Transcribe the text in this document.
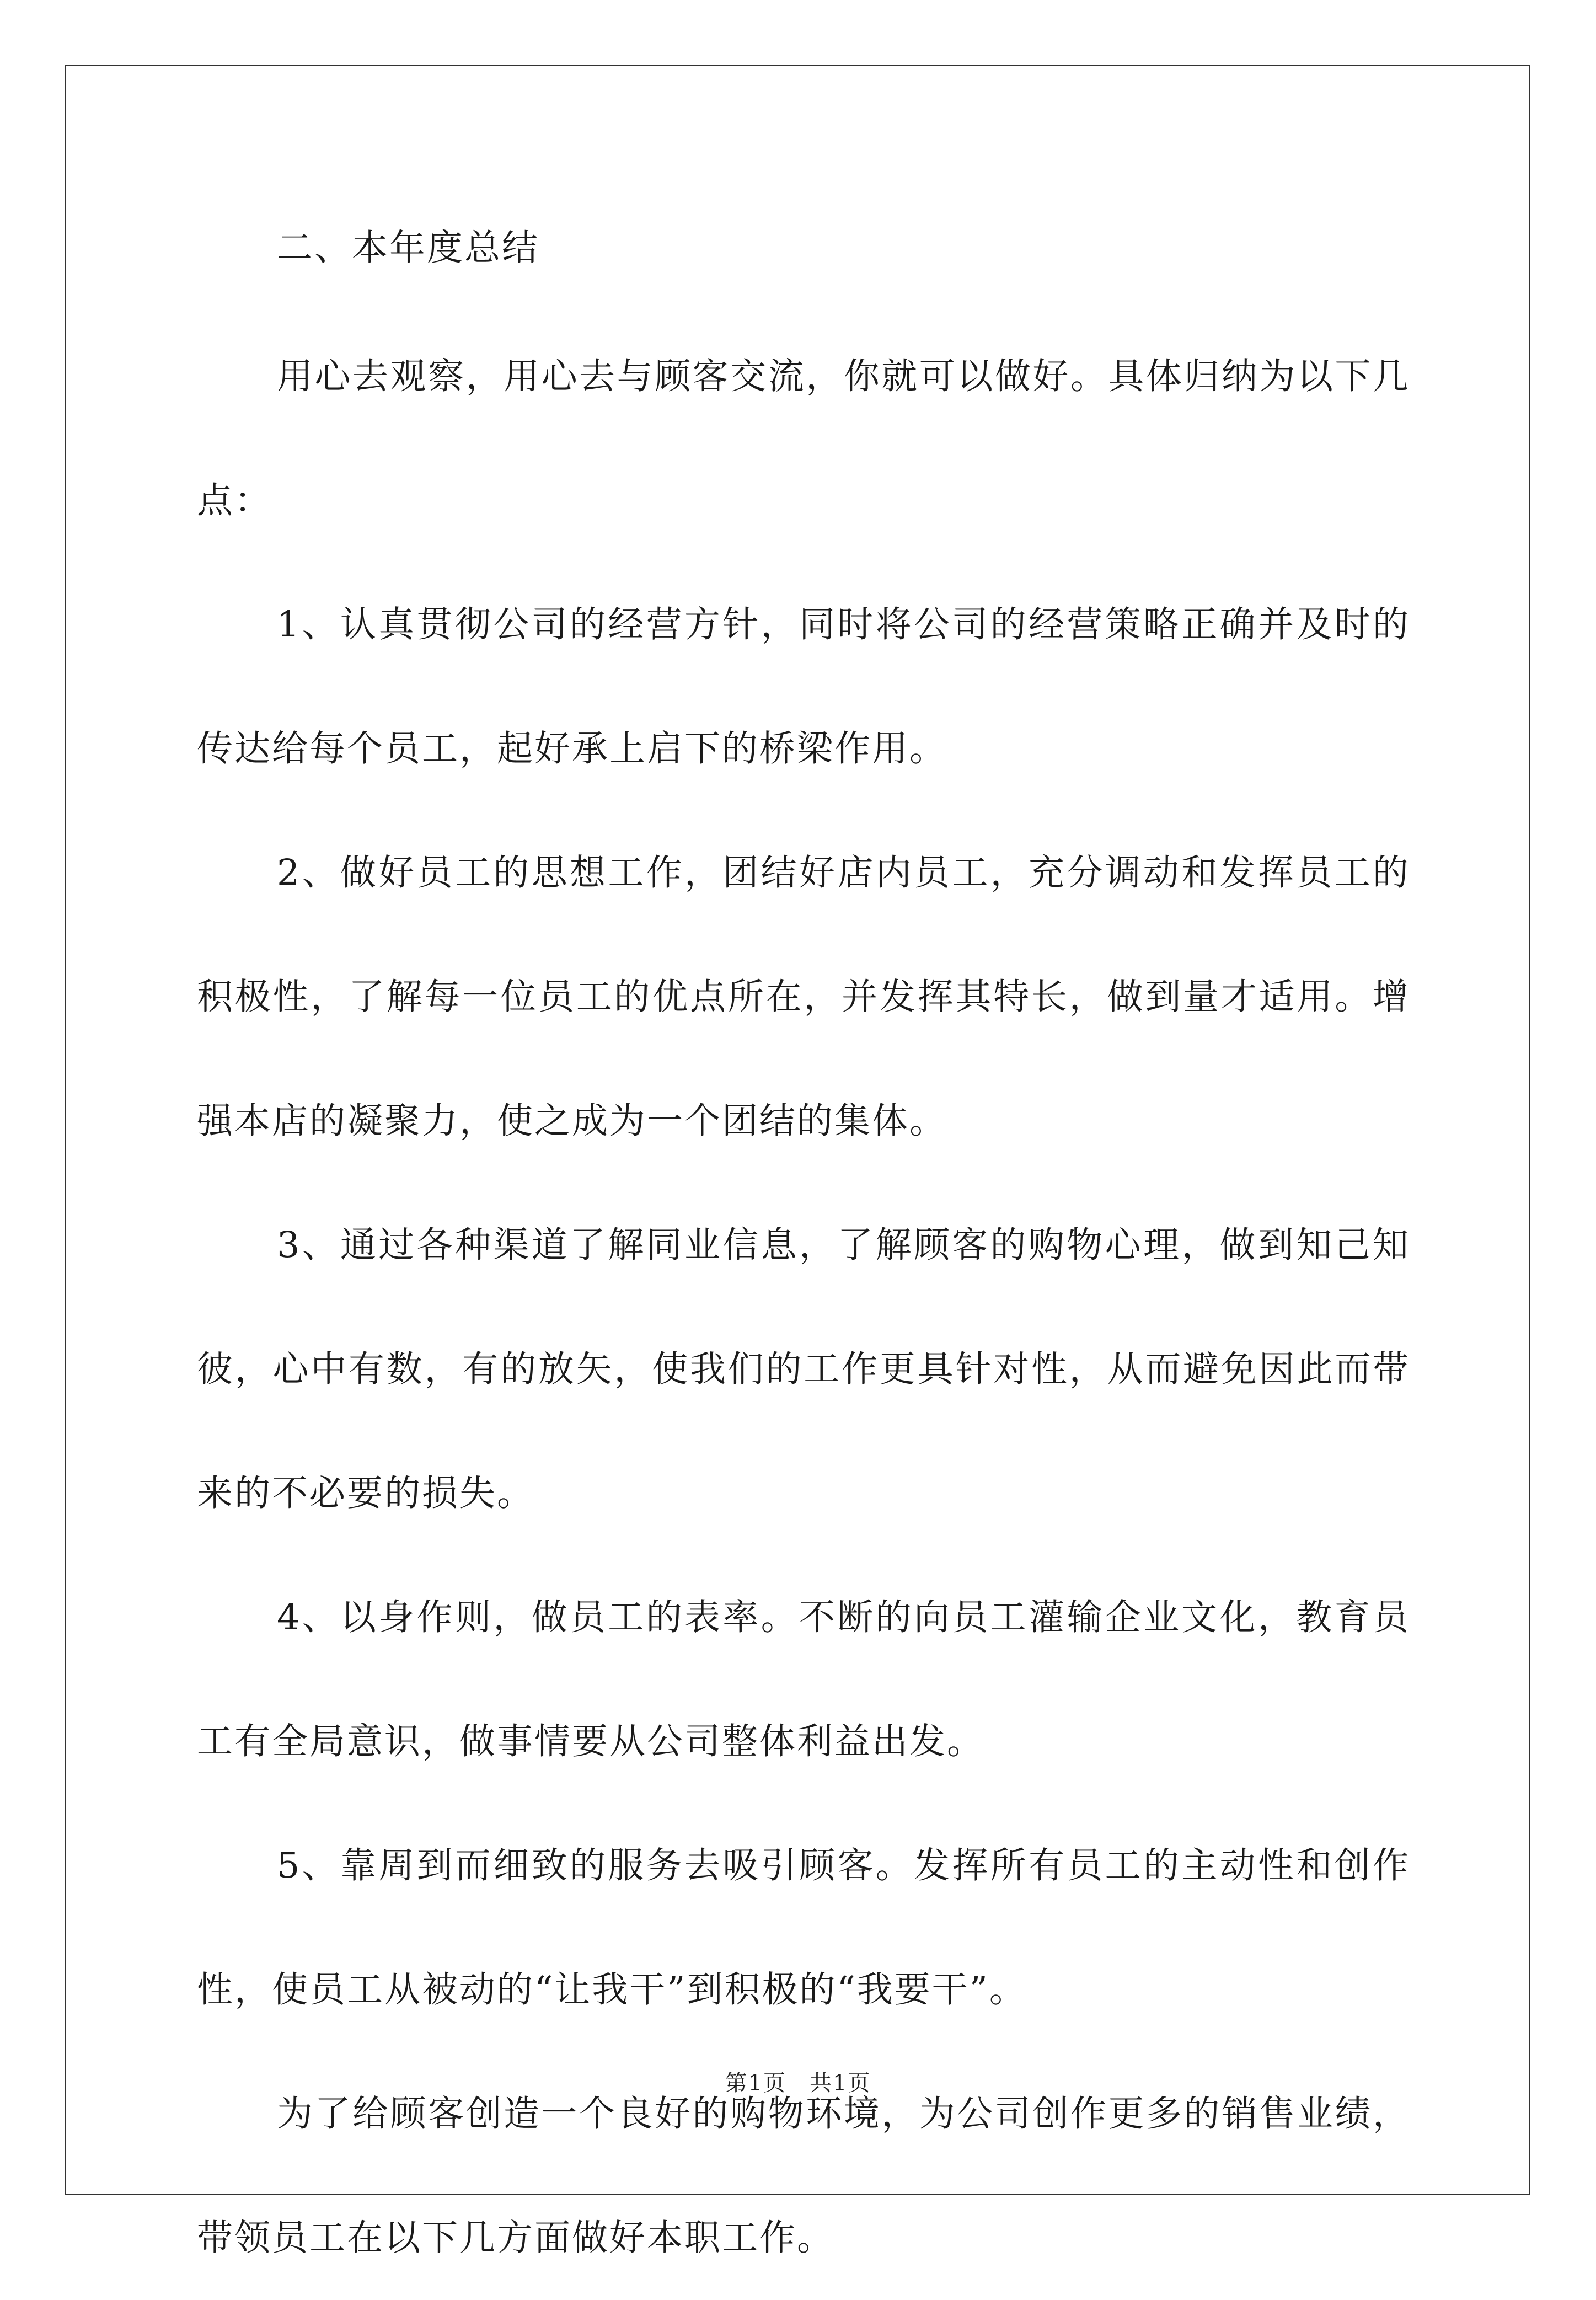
二、本年度总结

用心去观察，用心去与顾客交流，你就可以做好。具体归纳为以下几点：

1、认真贯彻公司的经营方针，同时将公司的经营策略正确并及时的传达给每个员工，起好承上启下的桥梁作用。

2、做好员工的思想工作，团结好店内员工，充分调动和发挥员工的积极性，了解每一位员工的优点所在，并发挥其特长，做到量才适用。增强本店的凝聚力，使之成为一个团结的集体。

3、通过各种渠道了解同业信息，了解顾客的购物心理，做到知己知彼，心中有数，有的放矢，使我们的工作更具针对性，从而避免因此而带来的不必要的损失。

4、以身作则，做员工的表率。不断的向员工灌输企业文化，教育员工有全局意识，做事情要从公司整体利益出发。

5、靠周到而细致的服务去吸引顾客。发挥所有员工的主动性和创作性，使员工从被动的“让我干”到积极的“我要干”。

为了给顾客创造一个良好的购物环境，为公司创作更多的销售业绩，带领员工在以下几方面做好本职工作。

第1页　共1页
